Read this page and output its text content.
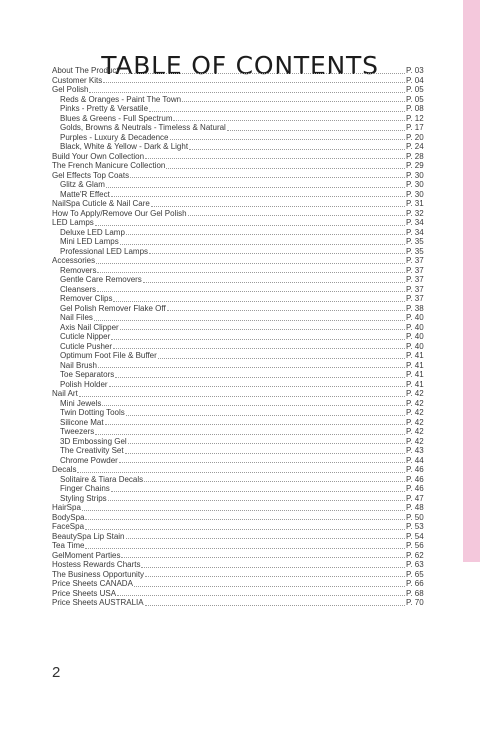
TABLE OF CONTENTS
About The Product	P. 03
Customer Kits	P. 04
Gel Polish	P. 05
Reds & Oranges - Paint The Town	P. 05
Pinks - Pretty & Versatile	P. 08
Blues & Greens - Full Spectrum	P. 12
Golds, Browns & Neutrals - Timeless & Natural	P. 17
Purples - Luxury & Decadence	P. 20
Black, White & Yellow - Dark & Light	P. 24
Build Your Own Collection	P. 28
The French Manicure Collection	P. 29
Gel Effects Top Coats	P. 30
Glitz & Glam	P. 30
Matte'R Effect	P. 30
NailSpa Cuticle & Nail Care	P. 31
How To Apply/Remove Our Gel Polish	P. 32
LED Lamps	P. 34
Deluxe LED Lamp	P. 34
Mini LED Lamps	P. 35
Professional LED Lamps	P. 35
Accessories	P. 37
Removers	P. 37
Gentle Care Removers	P. 37
Cleansers	P. 37
Remover Clips	P. 37
Gel Polish Remover Flake Off	P. 38
Nail Files	P. 40
Axis Nail Clipper	P. 40
Cuticle Nipper	P. 40
Cuticle Pusher	P. 40
Optimum Foot File & Buffer	P. 41
Nail Brush	P. 41
Toe Separators	P. 41
Polish Holder	P. 41
Nail Art	P. 42
Mini Jewels	P. 42
Twin Dotting Tools	P. 42
Silicone Mat	P. 42
Tweezers	P. 42
3D Embossing Gel	P. 42
The Creativity Set	P. 43
Chrome Powder	P. 44
Decals	P. 46
Solitaire & Tiara Decals	P. 46
Finger Chains	P. 46
Styling Strips	P. 47
HairSpa	P. 48
BodySpa	P. 50
FaceSpa	P. 53
BeautySpa Lip Stain	P. 54
Tea Time	P. 56
GelMoment Parties	P. 62
Hostess Rewards Charts	P. 63
The Business Opportunity	P. 65
Price Sheets CANADA	P. 66
Price Sheets USA	P. 68
Price Sheets AUSTRALIA	P. 70
2
